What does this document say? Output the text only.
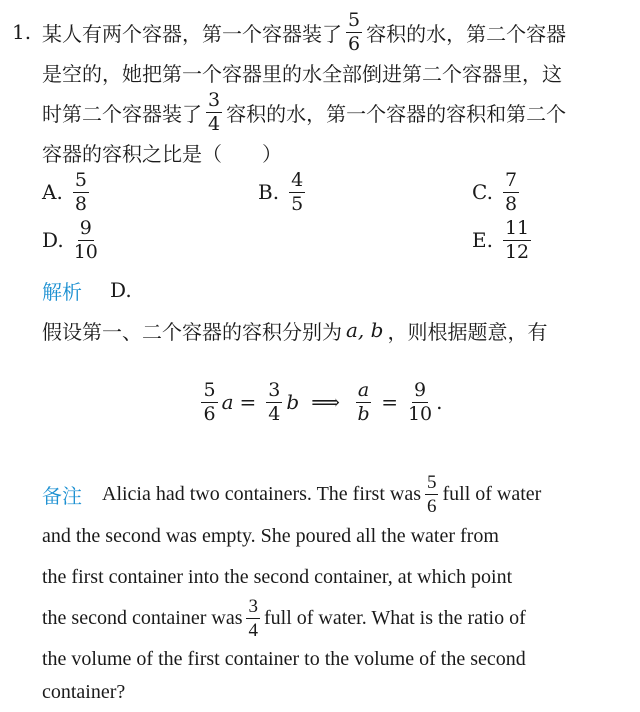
1. 某人有两个容器，第一个容器装了 $\frac{5}{6}$ 容积的水，第二个容器
是空的，她把第一个容器里的水全部倒进第二个容器里，这
时第二个容器装了 $\frac{3}{4}$ 容积的水，第一个容器的容积和第二个
容器的容积之比是（　　）
A. $\frac{5}{8}$	B. $\frac{4}{5}$	C. $\frac{7}{8}$
D. $\frac{9}{10}$	E. $\frac{11}{12}$
解析 D.
假设第一、二个容器的容积分别为 a, b ，则根据题意，有
$\frac{5}{6}$ $a = \frac{3}{4}$ b ⟹ $\frac{a}{b} = \frac{9}{10}$ .
备注 Alicia had two containers. The first was $\frac{5}{6}$ full of water
and the second was empty. She poured all the water from
the first container into the second container, at which point
the second container was $\frac{3}{4}$ full of water. What is the ratio of
the volume of the first container to the volume of the second
container?
